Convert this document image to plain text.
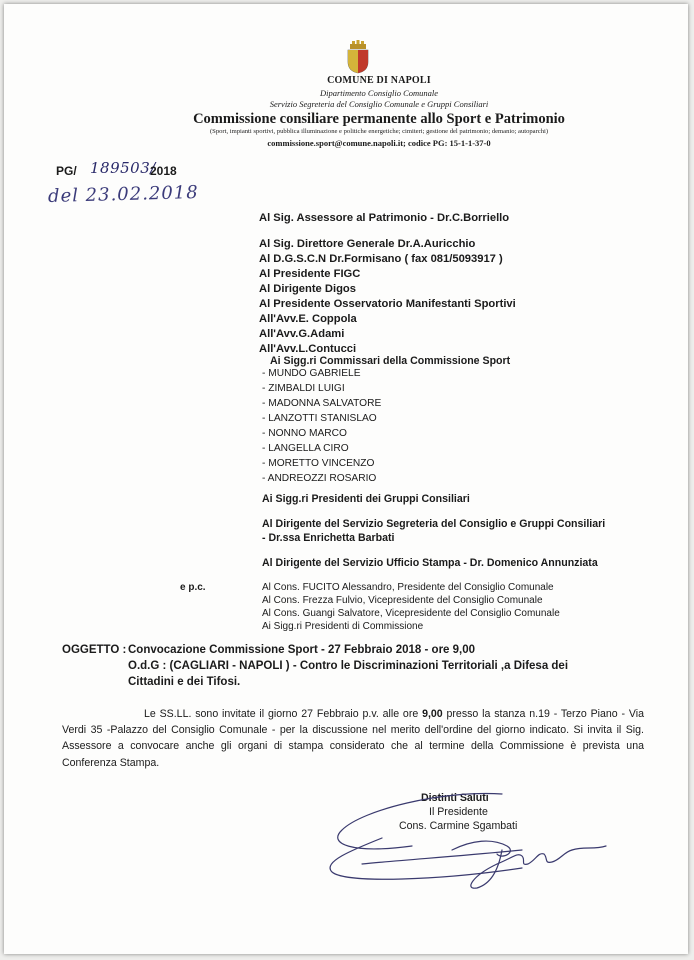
COMUNE DI NAPOLI
Dipartimento Consiglio Comunale
Servizio Segreteria del Consiglio Comunale e Gruppi Consiliari
Commissione consiliare permanente allo Sport e Patrimonio
(Sport, impianti sportivi, pubblica illuminazione e politiche energetiche; cimiteri; gestione del patrimonio; demanio; autoparchi)
commissione.sport@comune.napoli.it; codice PG: 15-1-1-37-0
PG/ 189503/
2018
del 23.02.2018
Al Sig. Assessore al Patrimonio - Dr.C.Borriello
Al Sig. Direttore Generale Dr.A.Auricchio
Al D.G.S.C.N Dr.Formisano ( fax 081/5093917 )
Al Presidente FIGC
Al Dirigente Digos
Al Presidente Osservatorio Manifestanti Sportivi
All'Avv.E. Coppola
All'Avv.G.Adami
All'Avv.L.Contucci
Ai Sigg.ri Commissari della Commissione Sport
- MUNDO GABRIELE
- ZIMBALDI LUIGI
- MADONNA SALVATORE
- LANZOTTI STANISLAO
- NONNO MARCO
- LANGELLA CIRO
- MORETTO VINCENZO
- ANDREOZZI ROSARIO
Ai Sigg.ri Presidenti dei Gruppi Consiliari
Al Dirigente del Servizio Segreteria del Consiglio e Gruppi Consiliari
- Dr.ssa Enrichetta Barbati
Al Dirigente del Servizio Ufficio Stampa - Dr. Domenico Annunziata
e p.c.	Al Cons. FUCITO Alessandro, Presidente del Consiglio Comunale
Al Cons. Frezza Fulvio, Vicepresidente del Consiglio Comunale
Al Cons. Guangi Salvatore, Vicepresidente del Consiglio Comunale
Ai Sigg.ri Presidenti di Commissione
OGGETTO : Convocazione Commissione Sport - 27 Febbraio 2018 - ore 9,00
O.d.G : (CAGLIARI - NAPOLI ) - Contro le Discriminazioni Territoriali ,a Difesa dei
Cittadini e dei Tifosi.
Le SS.LL. sono invitate il giorno 27 Febbraio p.v. alle ore 9,00 presso la stanza n.19 - Terzo Piano - Via Verdi 35 -Palazzo del Consiglio Comunale - per la discussione nel merito dell'ordine del giorno indicato. Si invita il Sig. Assessore a convocare anche gli organi di stampa considerato che al termine della Commissione è prevista una Conferenza Stampa.
Distinti Saluti
Il Presidente
Cons. Carmine Sgambati
